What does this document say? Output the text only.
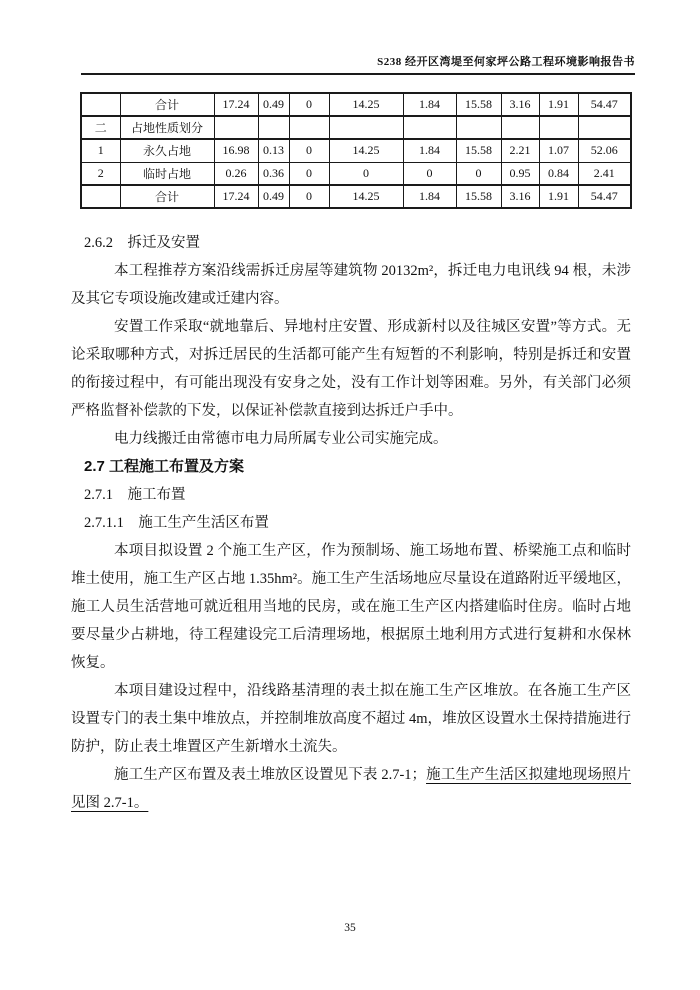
S238 经开区湾堤至何家坪公路工程环境影响报告书
	合计	17.24	0.49	0	14.25	1.84	15.58	3.16	1.91	54.47
二	占地性质划分									
1	永久占地	16.98	0.13	0	14.25	1.84	15.58	2.21	1.07	52.06
2	临时占地	0.26	0.36	0	0	0	0	0.95	0.84	2.41
	合计	17.24	0.49	0	14.25	1.84	15.58	3.16	1.91	54.47
2.6.2　拆迁及安置

本工程推荐方案沿线需拆迁房屋等建筑物 20132m²，拆迁电力电讯线 94 根，未涉及其它专项设施改建或迁建内容。

安置工作采取“就地靠后、异地村庄安置、形成新村以及往城区安置”等方式。无论采取哪种方式，对拆迁居民的生活都可能产生有短暂的不利影响，特别是拆迁和安置的衔接过程中，有可能出现没有安身之处，没有工作计划等困难。另外，有关部门必须严格监督补偿款的下发，以保证补偿款直接到达拆迁户手中。

电力线搬迁由常德市电力局所属专业公司实施完成。

2.7 工程施工布置及方案
2.7.1　施工布置
2.7.1.1　施工生产生活区布置

本项目拟设置 2 个施工生产区，作为预制场、施工场地布置、桥梁施工点和临时堆土使用，施工生产区占地 1.35hm²。施工生产生活场地应尽量设在道路附近平缓地区，施工人员生活营地可就近租用当地的民房，或在施工生产区内搭建临时住房。临时占地要尽量少占耕地，待工程建设完工后清理场地，根据原土地利用方式进行复耕和水保林恢复。

本项目建设过程中，沿线路基清理的表土拟在施工生产区堆放。在各施工生产区设置专门的表土集中堆放点，并控制堆放高度不超过 4m，堆放区设置水土保持措施进行防护，防止表土堆置区产生新增水土流失。

施工生产区布置及表土堆放区设置见下表 2.7-1；施工生产生活区拟建地现场照片见图 2.7-1。

35
